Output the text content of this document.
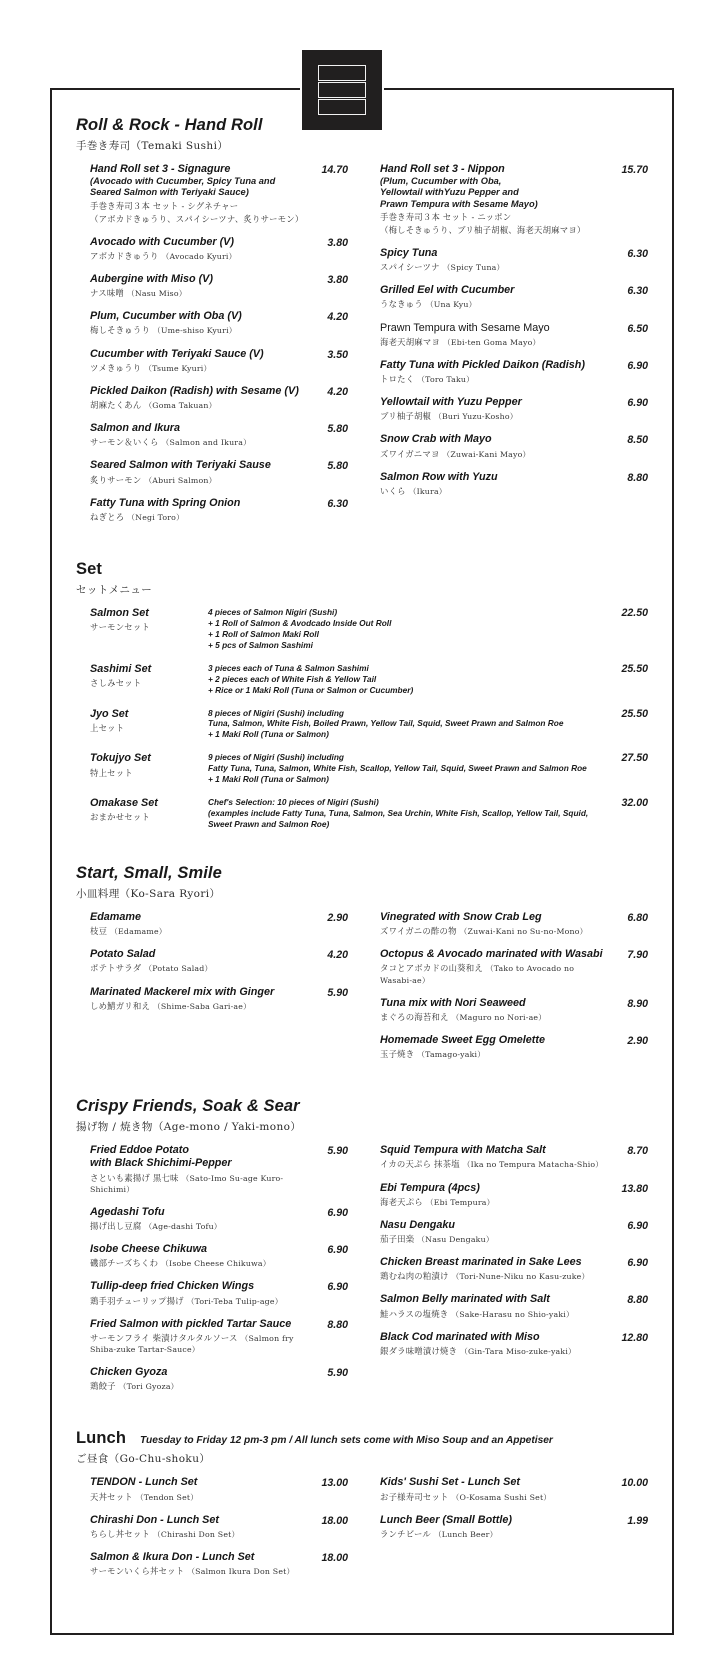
Roll & Rock - Hand Roll
手巻き寿司（Temaki Sushi）
Hand Roll set 3 - Signagure
(Avocado with Cucumber, Spicy Tuna and
Seared Salmon with Teriyaki Sauce)
手巻き寿司３本 セット - シグネチャー
（アボカドきゅうり、スパイシーツナ、炙りサーモン）
14.70
Avocado with Cucumber (V)
アボカドきゅうり （Avocado Kyuri）
3.80
Aubergine with Miso (V)
ナス味噌 （Nasu Miso）
3.80
Plum, Cucumber with Oba (V)
梅しそきゅうり （Ume-shiso Kyuri）
4.20
Cucumber with Teriyaki Sauce (V)
ツメきゅうり （Tsume Kyuri）
3.50
Pickled Daikon (Radish) with Sesame (V)
胡麻たくあん （Goma Takuan）
4.20
Salmon and Ikura
サーモン＆いくら （Salmon and Ikura）
5.80
Seared Salmon with Teriyaki Sause
炙りサーモン （Aburi Salmon）
5.80
Fatty Tuna with Spring Onion
ねぎとろ （Negi Toro）
6.30
Hand Roll set 3 - Nippon
(Plum, Cucumber with Oba,
Yellowtail withYuzu Pepper and
Prawn Tempura with Sesame Mayo)
手巻き寿司３本 セット - ニッポン
（梅しそきゅうり、ブリ柚子胡椒、海老天胡麻マヨ）
15.70
Spicy Tuna
スパイシーツナ （Spicy Tuna）
6.30
Grilled Eel with Cucumber
うなきゅう （Una Kyu）
6.30
Prawn Tempura with Sesame Mayo
海老天胡麻マヨ （Ebi-ten Goma Mayo）
6.50
Fatty Tuna with Pickled Daikon (Radish)
トロたく （Toro Taku）
6.90
Yellowtail with Yuzu Pepper
ブリ柚子胡椒 （Buri Yuzu-Kosho）
6.90
Snow Crab with Mayo
ズワイガニマヨ （Zuwai-Kani Mayo）
8.50
Salmon Row with Yuzu
いくら （Ikura）
8.80
Set
セットメニュー
Salmon Set
サーモンセット
4 pieces of Salmon Nigiri (Sushi)
+ 1 Roll of Salmon & Avodcado Inside Out Roll
+ 1 Roll of Salmon Maki Roll
+ 5 pcs of Salmon Sashimi
22.50
Sashimi Set
さしみセット
3 pieces each of Tuna & Salmon Sashimi
+ 2 pieces each of White Fish & Yellow Tail
+ Rice or 1 Maki Roll (Tuna or Salmon or Cucumber)
25.50
Jyo Set
上セット
8 pieces of Nigiri (Sushi) including
Tuna, Salmon, White Fish, Boiled Prawn, Yellow Tail, Squid, Sweet Prawn and Salmon Roe
+ 1 Maki Roll (Tuna or Salmon)
25.50
Tokujyo Set
特上セット
9 pieces of Nigiri (Sushi) including
Fatty Tuna, Tuna, Salmon, White Fish, Scallop, Yellow Tail, Squid, Sweet Prawn and Salmon Roe
+ 1 Maki Roll (Tuna or Salmon)
27.50
Omakase Set
おまかせセット
Chef's Selection: 10 pieces of Nigiri (Sushi)
(examples include Fatty Tuna, Tuna, Salmon, Sea Urchin, White Fish, Scallop, Yellow Tail, Squid,
Sweet Prawn and Salmon Roe)
32.00
Start, Small, Smile
小皿料理（Ko-Sara Ryori）
Edamame
枝豆 （Edamame）
2.90
Potato Salad
ポテトサラダ （Potato Salad）
4.20
Marinated Mackerel mix with Ginger
しめ鯖ガリ和え （Shime-Saba Gari-ae）
5.90
Vinegrated with Snow Crab Leg
ズワイガニの酢の物 （Zuwai-Kani no Su-no-Mono）
6.80
Octopus & Avocado marinated with Wasabi
タコとアボカドの山葵和え （Tako to Avocado no Wasabi-ae）
7.90
Tuna mix with Nori Seaweed
まぐろの海苔和え （Maguro no Nori-ae）
8.90
Homemade Sweet Egg Omelette
玉子焼き （Tamago-yaki）
2.90
Crispy Friends, Soak & Sear
揚げ物 / 焼き物（Age-mono / Yaki-mono）
Fried Eddoe Potato
with Black Shichimi-Pepper
さといも素揚げ 黒七味 （Sato-Imo Su-age Kuro-Shichimi）
5.90
Agedashi Tofu
揚げ出し豆腐 （Age-dashi Tofu）
6.90
Isobe Cheese Chikuwa
磯部チーズちくわ （Isobe Cheese Chikuwa）
6.90
Tullip-deep fried Chicken Wings
鶏手羽チューリップ揚げ （Tori-Teba Tulip-age）
6.90
Fried Salmon with pickled Tartar Sauce
サーモンフライ 柴漬けタルタルソース （Salmon fry Shiba-zuke Tartar-Sauce）
8.80
Chicken Gyoza
鶏餃子 （Tori Gyoza）
5.90
Squid Tempura with Matcha Salt
イカの天ぷら 抹茶塩 （Ika no Tempura Matacha-Shio）
8.70
Ebi Tempura (4pcs)
海老天ぷら （Ebi Tempura）
13.80
Nasu Dengaku
茄子田楽 （Nasu Dengaku）
6.90
Chicken Breast marinated in Sake Lees
鶏むね肉の粕漬け （Tori-Nune-Niku no Kasu-zuke）
6.90
Salmon Belly marinated with Salt
鮭ハラスの塩焼き （Sake-Harasu no Shio-yaki）
8.80
Black Cod marinated with Miso
銀ダラ味噌漬け焼き （Gin-Tara Miso-zuke-yaki）
12.80
Lunch Tuesday to Friday 12 pm-3 pm / All lunch sets come with Miso Soup and an Appetiser
ご昼食（Go-Chu-shoku）
TENDON - Lunch Set
天丼セット （Tendon Set）
13.00
Chirashi Don - Lunch Set
ちらし丼セット （Chirashi Don Set）
18.00
Salmon & Ikura Don - Lunch Set
サーモンいくら丼セット （Salmon Ikura Don Set）
18.00
Kids' Sushi Set - Lunch Set
お子様寿司セット （O-Kosama Sushi Set）
10.00
Lunch Beer (Small Bottle)
ランチビール （Lunch Beer）
1.99
